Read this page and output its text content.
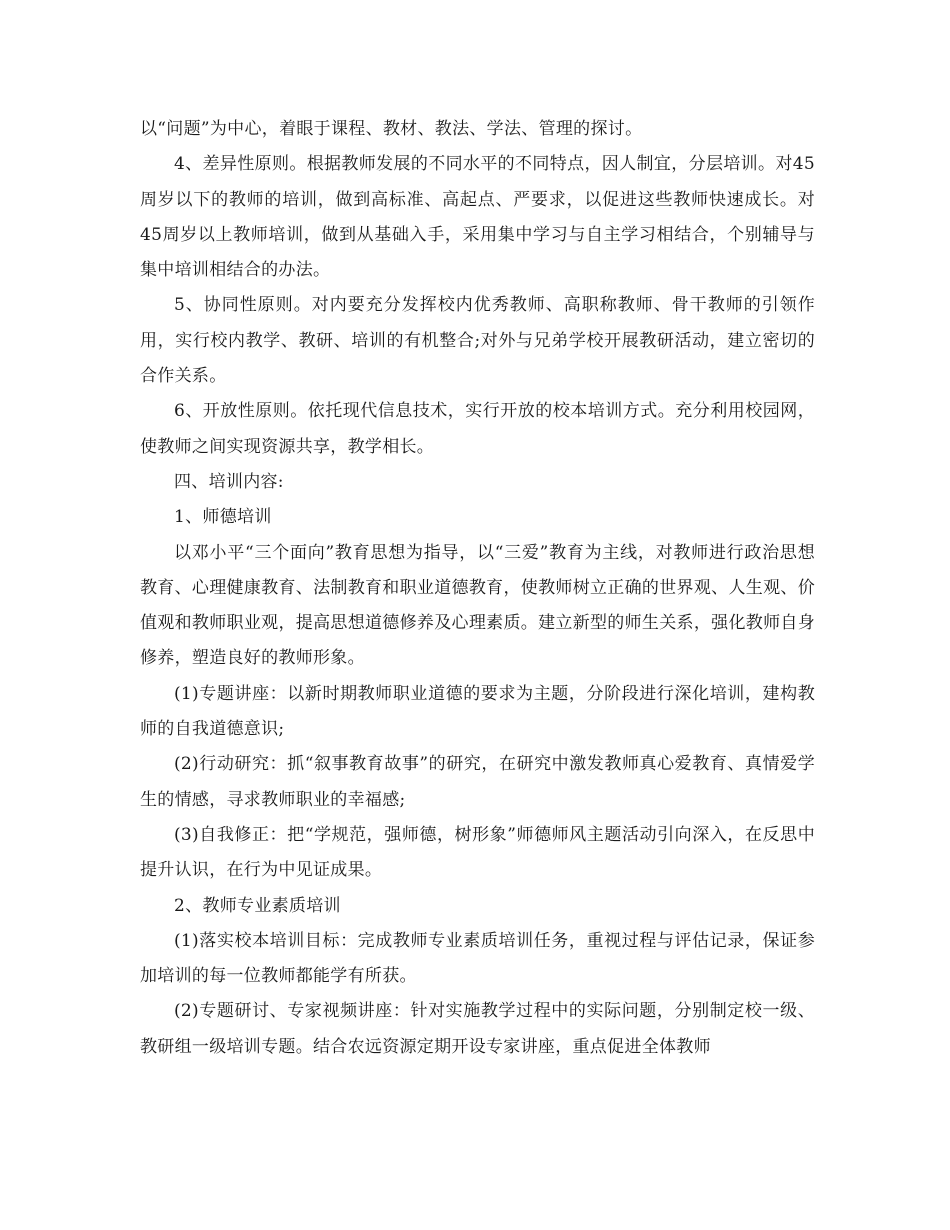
以“问题”为中心，着眼于课程、教材、教法、学法、管理的探讨。

4、差异性原则。根据教师发展的不同水平的不同特点，因人制宜，分层培训。对45周岁以下的教师的培训，做到高标准、高起点、严要求，以促进这些教师快速成长。对45周岁以上教师培训，做到从基础入手，采用集中学习与自主学习相结合，个别辅导与集中培训相结合的办法。

5、协同性原则。对内要充分发挥校内优秀教师、高职称教师、骨干教师的引领作用，实行校内教学、教研、培训的有机整合;对外与兄弟学校开展教研活动，建立密切的合作关系。

6、开放性原则。依托现代信息技术，实行开放的校本培训方式。充分利用校园网，使教师之间实现资源共享，教学相长。

四、培训内容:

1、师德培训

以邓小平“三个面向”教育思想为指导，以“三爱”教育为主线，对教师进行政治思想教育、心理健康教育、法制教育和职业道德教育，使教师树立正确的世界观、人生观、价值观和教师职业观，提高思想道德修养及心理素质。建立新型的师生关系，强化教师自身修养，塑造良好的教师形象。

(1)专题讲座：以新时期教师职业道德的要求为主题，分阶段进行深化培训，建构教师的自我道德意识;

(2)行动研究：抓“叙事教育故事”的研究，在研究中激发教师真心爱教育、真情爱学生的情感，寻求教师职业的幸福感;

(3)自我修正：把“学规范，强师德，树形象”师德师风主题活动引向深入，在反思中提升认识，在行为中见证成果。

2、教师专业素质培训

(1)落实校本培训目标：完成教师专业素质培训任务，重视过程与评估记录，保证参加培训的每一位教师都能学有所获。

(2)专题研讨、专家视频讲座：针对实施教学过程中的实际问题，分别制定校一级、教研组一级培训专题。结合农远资源定期开设专家讲座，重点促进全体教师
